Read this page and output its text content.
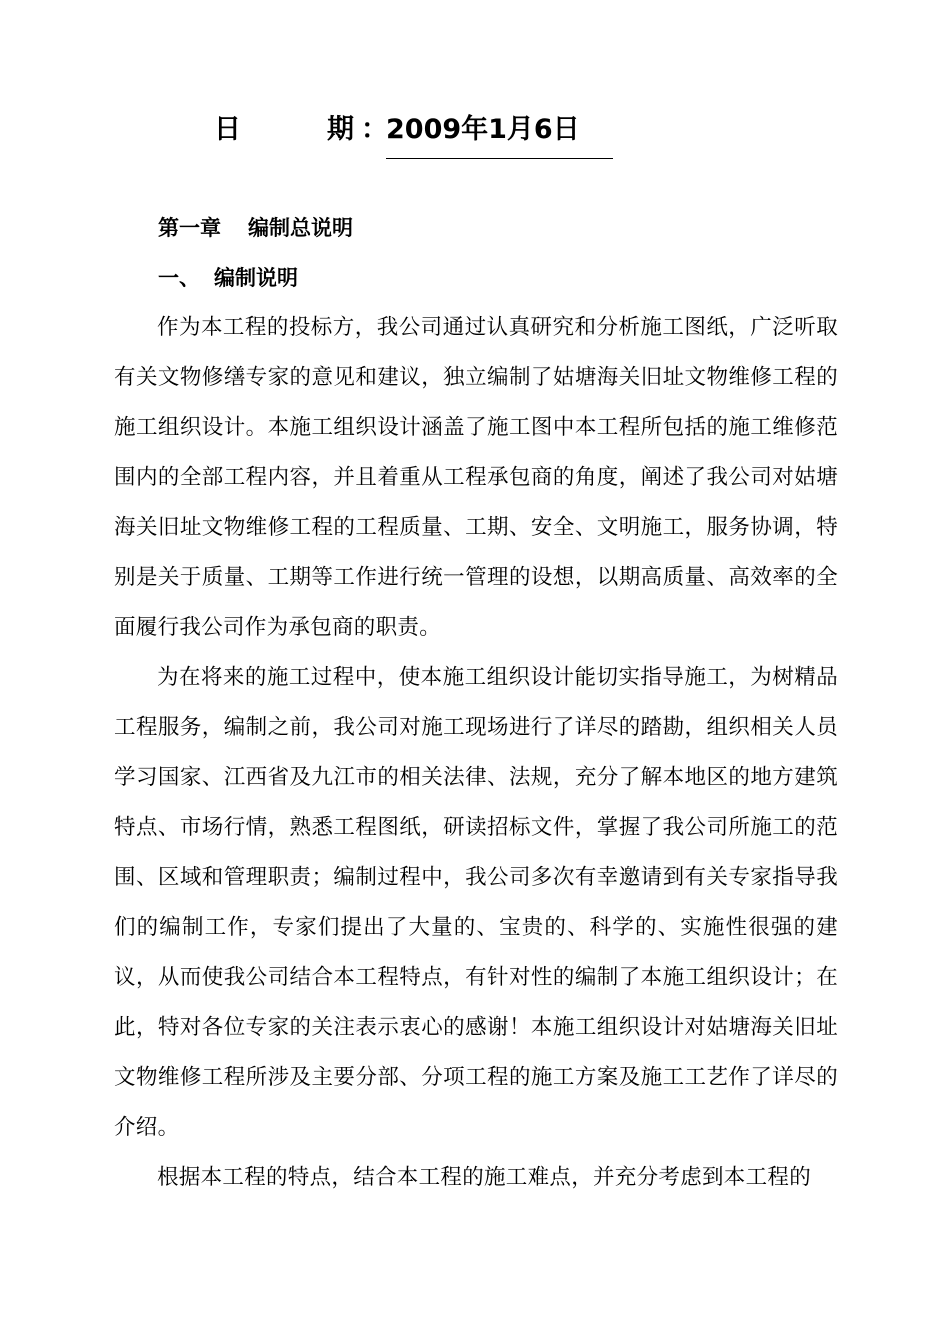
日	期 ：
2009年1月6日
第一章 编制总说明
一、 编制说明

作为本工程的投标方，我公司通过认真研究和分析施工图纸，广泛听取有关文物修缮专家的意见和建议，独立编制了姑塘海关旧址文物维修工程的施工组织设计。本施工组织设计涵盖了施工图中本工程所包括的施工维修范围内的全部工程内容，并且着重从工程承包商的角度，阐述了我公司对姑塘海关旧址文物维修工程的工程质量、工期、安全、文明施工，服务协调，特别是关于质量、工期等工作进行统一管理的设想，以期高质量、高效率的全面履行我公司作为承包商的职责。

为在将来的施工过程中，使本施工组织设计能切实指导施工，为树精品工程服务，编制之前，我公司对施工现场进行了详尽的踏勘，组织相关人员学习国家、江西省及九江市的相关法律、法规，充分了解本地区的地方建筑特点、市场行情，熟悉工程图纸，研读招标文件，掌握了我公司所施工的范围、区域和管理职责；编制过程中，我公司多次有幸邀请到有关专家指导我们的编制工作，专家们提出了大量的、宝贵的、科学的、实施性很强的建议，从而使我公司结合本工程特点，有针对性的编制了本施工组织设计；在此，特对各位专家的关注表示衷心的感谢！本施工组织设计对姑塘海关旧址文物维修工程所涉及主要分部、分项工程的施工方案及施工工艺作了详尽的介绍。

根据本工程的特点，结合本工程的施工难点，并充分考虑到本工程的
